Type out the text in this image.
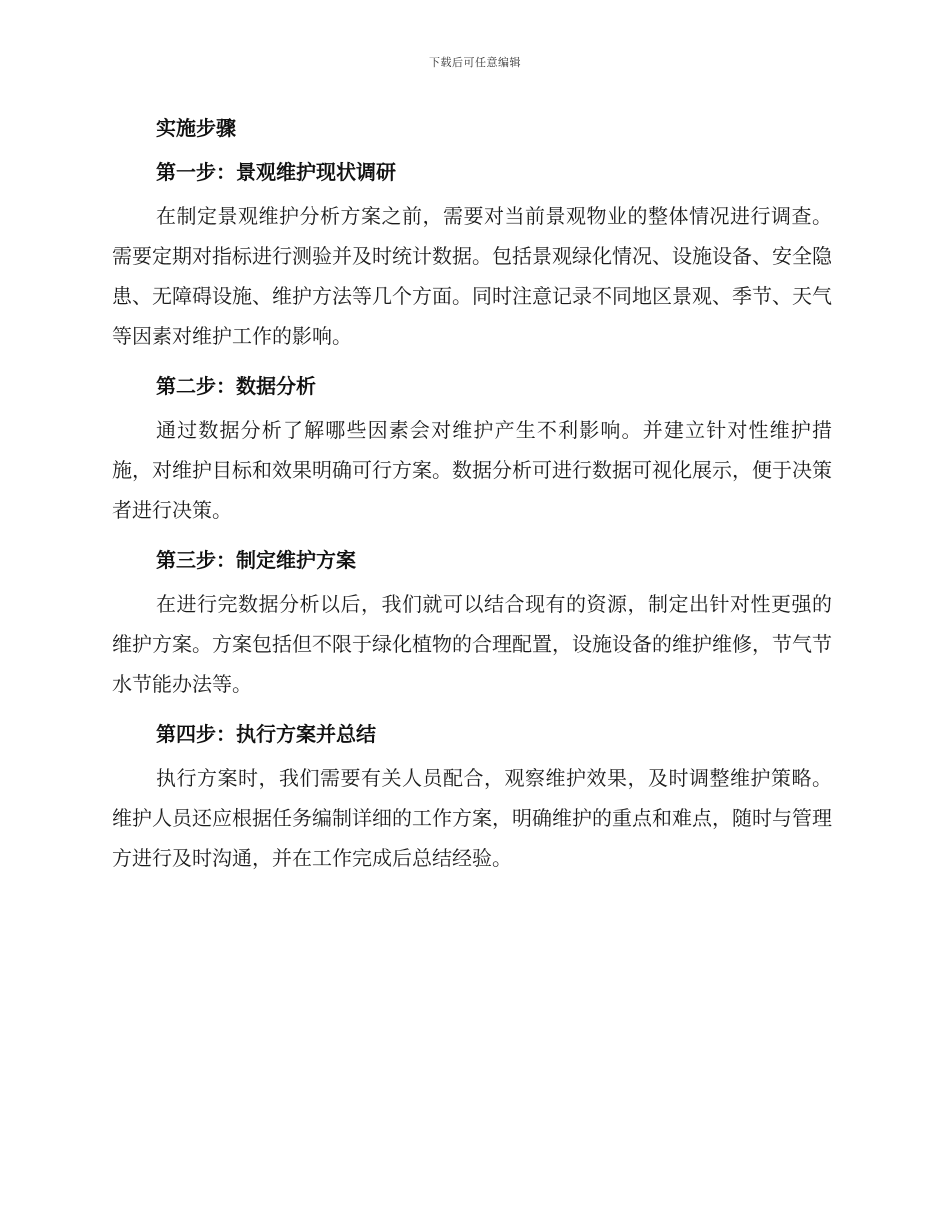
下载后可任意编辑
实施步骤
第一步：景观维护现状调研

在制定景观维护分析方案之前，需要对当前景观物业的整体情况进行调查。需要定期对指标进行测验并及时统计数据。包括景观绿化情况、设施设备、安全隐患、无障碍设施、维护方法等几个方面。同时注意记录不同地区景观、季节、天气等因素对维护工作的影响。

第二步：数据分析

通过数据分析了解哪些因素会对维护产生不利影响。并建立针对性维护措施，对维护目标和效果明确可行方案。数据分析可进行数据可视化展示，便于决策者进行决策。

第三步：制定维护方案

在进行完数据分析以后，我们就可以结合现有的资源，制定出针对性更强的维护方案。方案包括但不限于绿化植物的合理配置，设施设备的维护维修，节气节水节能办法等。

第四步：执行方案并总结

执行方案时，我们需要有关人员配合，观察维护效果，及时调整维护策略。维护人员还应根据任务编制详细的工作方案，明确维护的重点和难点，随时与管理方进行及时沟通，并在工作完成后总结经验。
